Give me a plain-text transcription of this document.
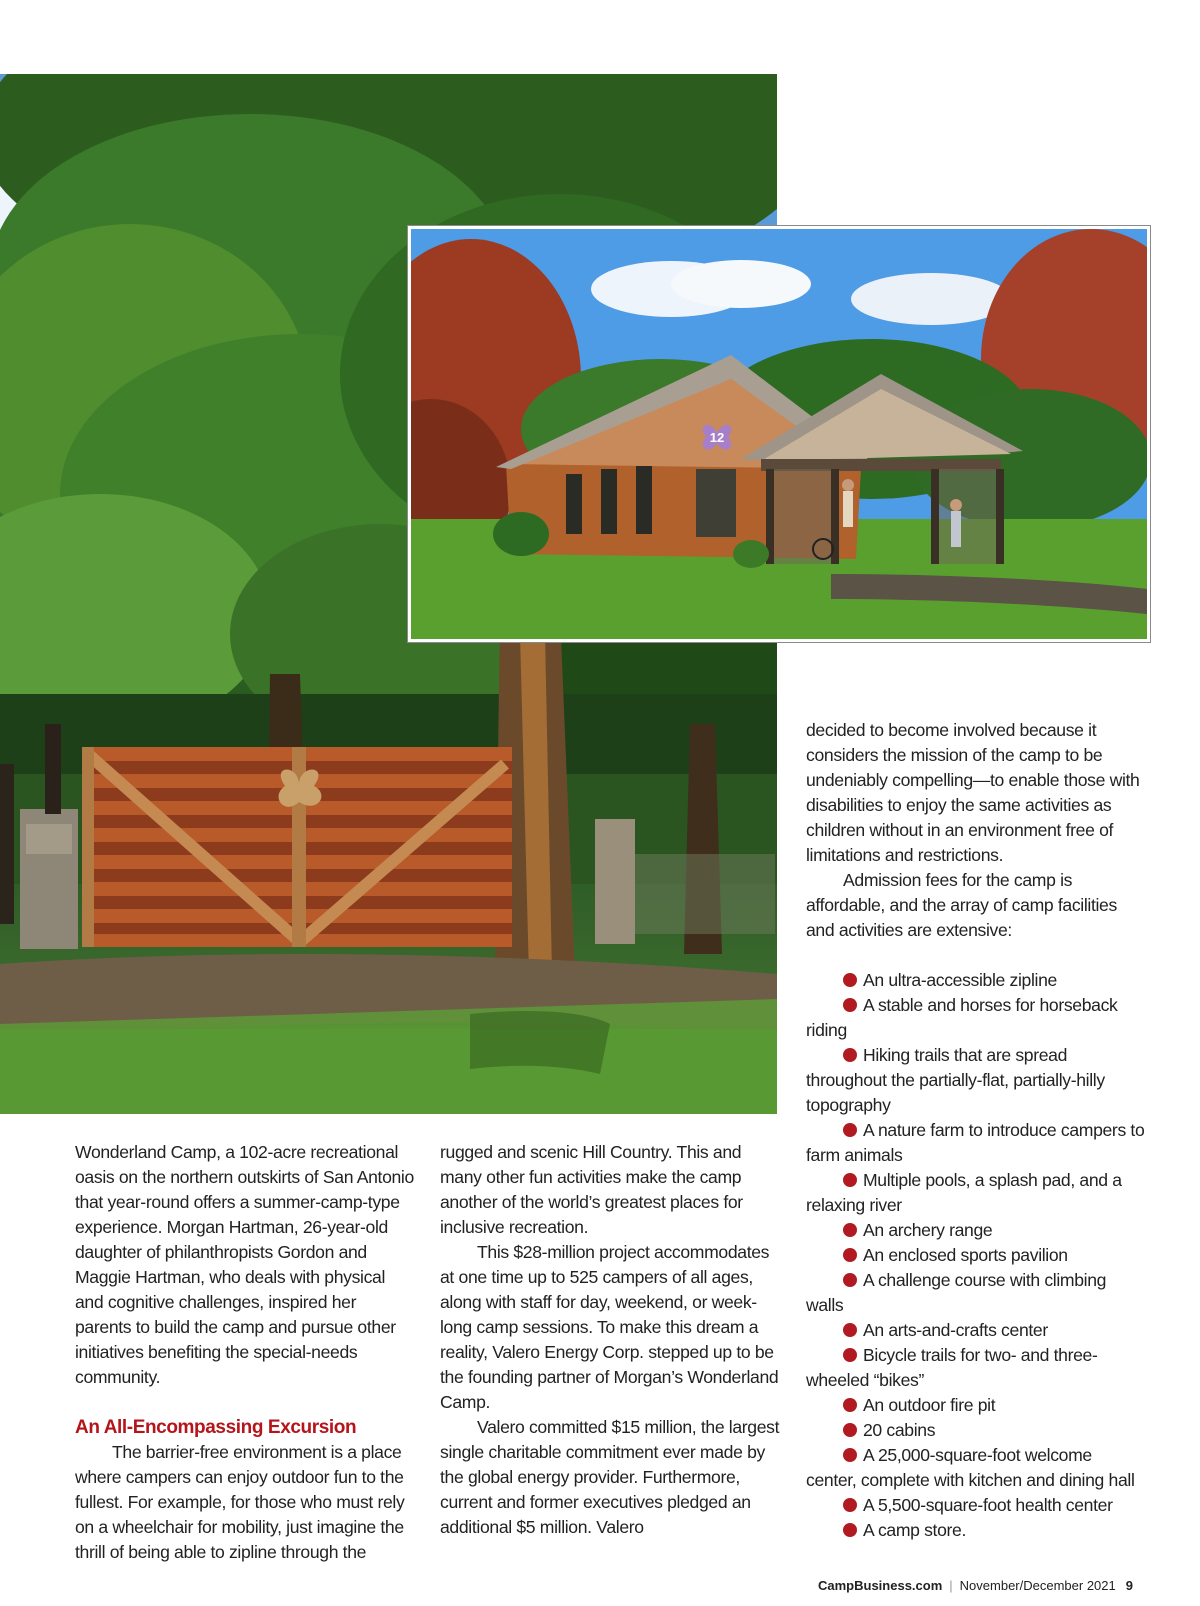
12

Wonderland Camp, a 102-acre recreational oasis on the northern outskirts of San Antonio that year-round offers a summer-camp-type experience. Morgan Hartman, 26-year-old daughter of philanthropists Gordon and Maggie Hartman, who deals with physical and cognitive challenges, inspired her parents to build the camp and pursue other initiatives benefiting the special-needs community.

An All-Encompassing Excursion

The barrier-free environment is a place where campers can enjoy outdoor fun to the fullest. For example, for those who must rely on a wheelchair for mobility, just imagine the thrill of being able to zipline through the

rugged and scenic Hill Country. This and many other fun activities make the camp another of the world’s greatest places for inclusive recreation.

This $28-million project accommodates at one time up to 525 campers of all ages, along with staff for day, weekend, or week-long camp sessions. To make this dream a reality, Valero Energy Corp. stepped up to be the founding partner of Morgan’s Wonderland Camp.

Valero committed $15 million, the largest single charitable commitment ever made by the global energy provider. Furthermore, current and former executives pledged an additional $5 million. Valero

decided to become involved because it considers the mission of the camp to be undeniably compelling—to enable those with disabilities to enjoy the same activities as children without in an environment free of limitations and restrictions.

Admission fees for the camp is affordable, and the array of camp facilities and activities are extensive:

An ultra-accessible zipline
A stable and horses for horseback riding
Hiking trails that are spread throughout the partially-flat, partially-hilly topography
A nature farm to introduce campers to farm animals
Multiple pools, a splash pad, and a relaxing river
An archery range
An enclosed sports pavilion
A challenge course with climbing walls
An arts-and-crafts center
Bicycle trails for two- and three-wheeled “bikes”
An outdoor fire pit
20 cabins
A 25,000-square-foot welcome center, complete with kitchen and dining hall
A 5,500-square-foot health center
A camp store.
CampBusiness.com | November/December 2021 9
